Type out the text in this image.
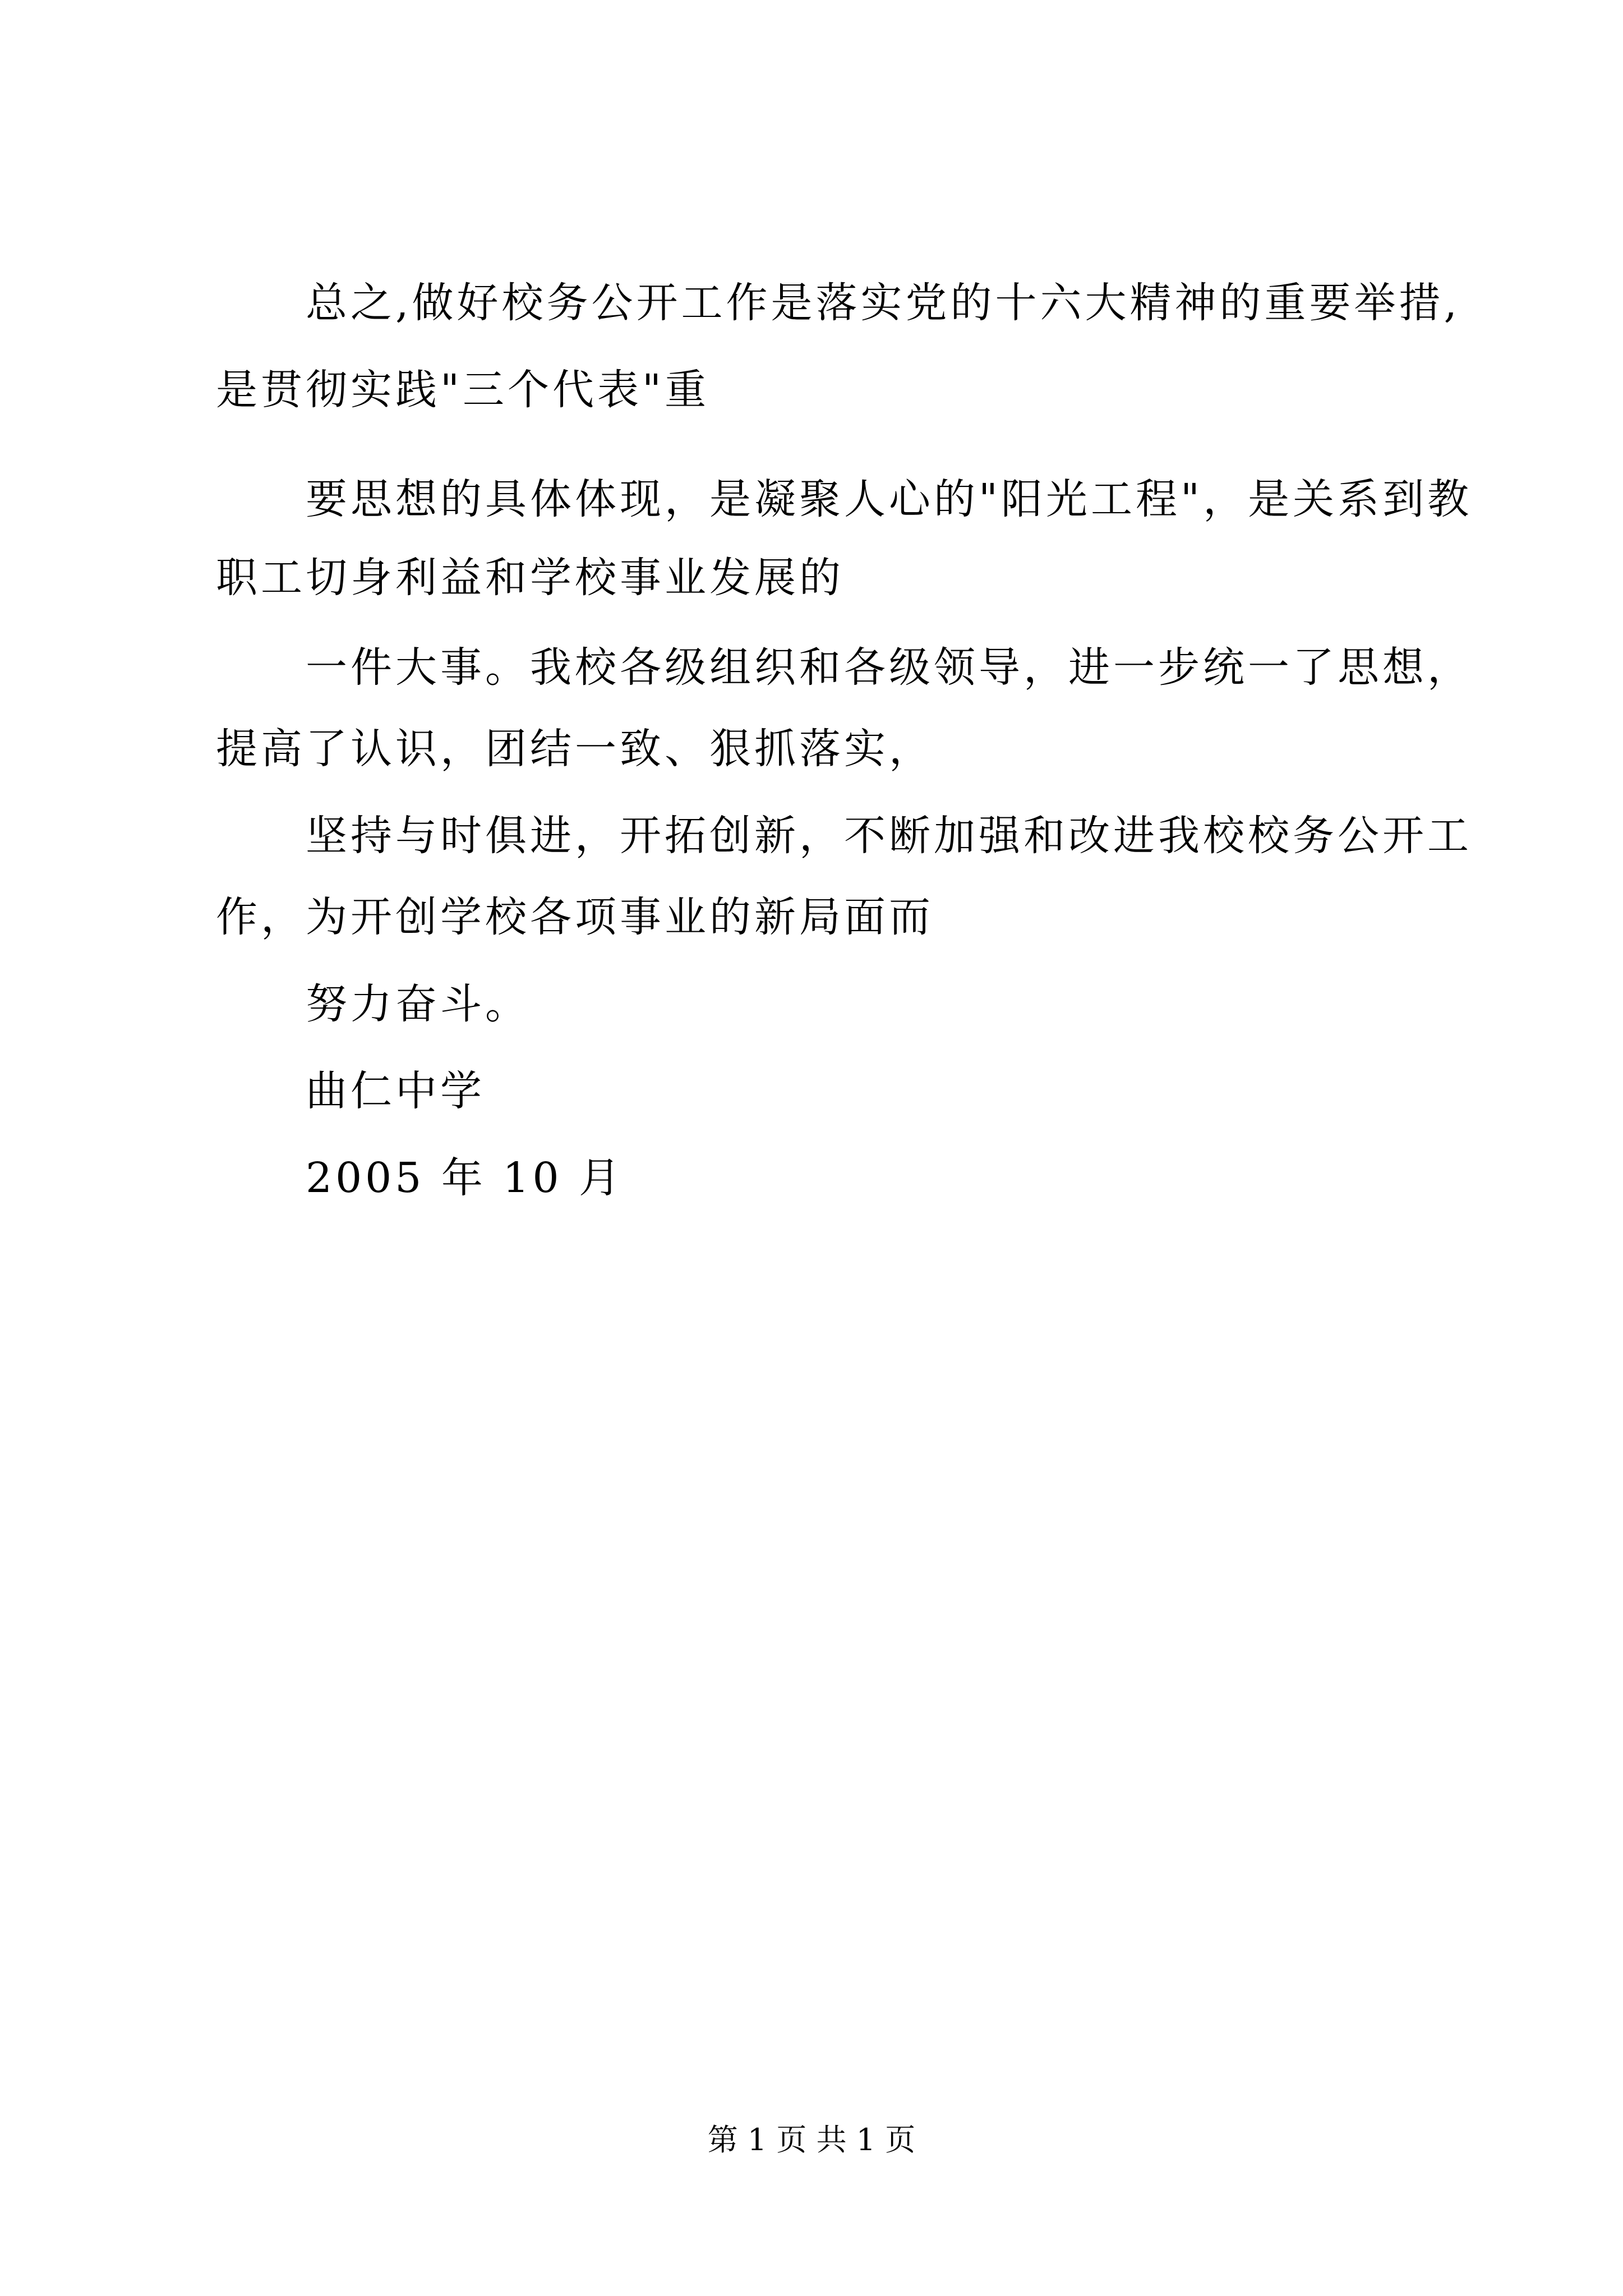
总之,做好校务公开工作是落实党的十六大精神的重要举措,
是贯彻实践"三个代表"重
要思想的具体体现，是凝聚人心的"阳光工程"，是关系到教
职工切身利益和学校事业发展的
一件大事。我校各级组织和各级领导，进一步统一了思想，
提高了认识，团结一致、狠抓落实，
坚持与时俱进，开拓创新，不断加强和改进我校校务公开工
作，为开创学校各项事业的新局面而
努力奋斗。
曲仁中学
2005 年 10 月
第 1 页 共 1 页
